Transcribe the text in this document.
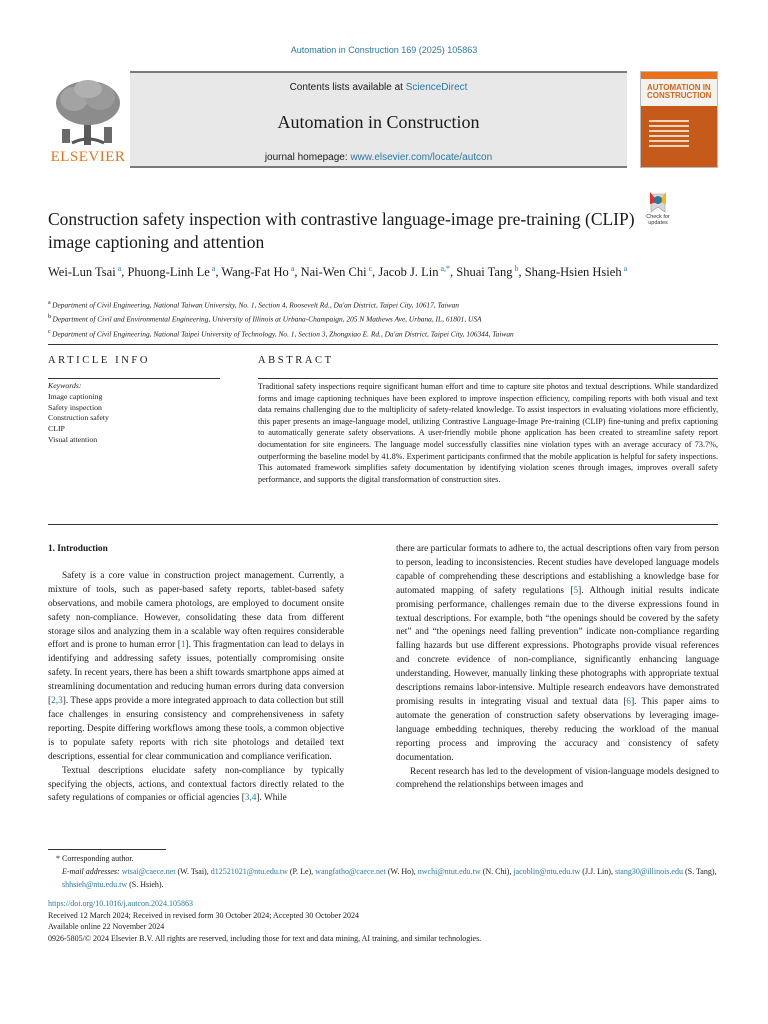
Automation in Construction 169 (2025) 105863
ELSEVIER
Contents lists available at ScienceDirect
Automation in Construction
journal homepage: www.elsevier.com/locate/autcon
AUTOMATION IN CONSTRUCTION
Check for
updates
Construction safety inspection with contrastive language-image pre-training (CLIP) image captioning and attention
Wei-Lun Tsai $^a$, Phuong-Linh Le $^a$, Wang-Fat Ho $^a$, Nai-Wen Chi $^c$, Jacob J. Lin $^{a,*}$, Shuai Tang $^b$, Shang-Hsien Hsieh $^a$
$^a$ Department of Civil Engineering, National Taiwan University, No. 1, Section 4, Roosevelt Rd., Da'an District, Taipei City, 10617, Taiwan
$^b$ Department of Civil and Environmental Engineering, University of Illinois at Urbana-Champaign, 205 N Mathews Ave, Urbana, IL, 61801, USA
$^c$ Department of Civil Engineering, National Taipei University of Technology, No. 1, Section 3, Zhongxiao E. Rd., Da'an District, Taipei City, 106344, Taiwan
ARTICLE INFO	ABSTRACT
Keywords:
Image captioning
Safety inspection
Construction safety
CLIP
Visual attention
Traditional safety inspections require significant human effort and time to capture site photos and textual descriptions. While standardized forms and image captioning techniques have been explored to improve inspection efficiency, compiling reports with both visual and text data remains challenging due to the multiplicity of safety-related knowledge. To assist inspectors in evaluating violations more efficiently, this paper presents an image-language model, utilizing Contrastive Language-Image Pre-training (CLIP) fine-tuning and prefix captioning to automatically generate safety observations. A user-friendly mobile phone application has been created to streamline safety report documentation for site engineers. The language model successfully classifies nine violation types with an average accuracy of 73.7%, outperforming the baseline model by 41.8%. Experiment participants confirmed that the mobile application is helpful for safety inspections. This automated framework simplifies safety documentation by identifying violation scenes through images, improves overall safety performance, and supports the digital transformation of construction sites.
1. Introduction

Safety is a core value in construction project management. Currently, a mixture of tools, such as paper-based safety reports, tablet-based safety observations, and mobile camera photologs, are employed to document onsite safety non-compliance. However, consolidating these data from different storage silos and analyzing them in a scalable way often requires considerable effort and is prone to human error [1]. This fragmentation can lead to delays in identifying and addressing safety issues, potentially compromising onsite safety. In recent years, there has been a shift towards smartphone apps aimed at streamlining documentation and reducing human errors during data conversion [2,3]. These apps provide a more integrated approach to data collection but still face challenges in ensuring consistency and comprehensiveness in safety reporting. Despite differing workflows among these tools, a common objective is to populate safety reports with rich site photologs and detailed text descriptions, essential for clear communication and compliance verification.

Textual descriptions elucidate safety non-compliance by typically specifying the objects, actions, and contextual factors directly related to the safety regulations of companies or official agencies [3,4]. While

there are particular formats to adhere to, the actual descriptions often vary from person to person, leading to inconsistencies. Recent studies have developed language models capable of comprehending these descriptions and establishing a knowledge base for automated mapping of safety regulations [5]. Although initial results indicate promising performance, challenges remain due to the diverse expressions found in textual descriptions. For example, both “the openings should be covered by the safety net” and “the openings need falling prevention” indicate non-compliance regarding falling hazards but use different expressions. Photographs provide visual references and concrete evidence of non-compliance, significantly enhancing language understanding. However, manually linking these photographs with appropriate textual descriptions remains labor-intensive. Multiple research endeavors have demonstrated promising results in integrating visual and textual data [6]. This paper aims to automate the generation of construction safety observations by leveraging image-language embedding techniques, thereby reducing the workload of the manual reporting process and improving the accuracy and consistency of safety documentation.

Recent research has led to the development of vision-language models designed to comprehend the relationships between images and

* Corresponding author.
E-mail addresses: wtsai@caece.net (W. Tsai), d12521021@ntu.edu.tw (P. Le), wangfatho@caece.net (W. Ho), nwchi@ntut.edu.tw (N. Chi), jacoblin@ntu.edu.tw (J.J. Lin), stang30@illinois.edu (S. Tang), shhsieh@ntu.edu.tw (S. Hsieh).
https://doi.org/10.1016/j.autcon.2024.105863
Received 12 March 2024; Received in revised form 30 October 2024; Accepted 30 October 2024
Available online 22 November 2024
0926-5805/© 2024 Elsevier B.V. All rights are reserved, including those for text and data mining, AI training, and similar technologies.
